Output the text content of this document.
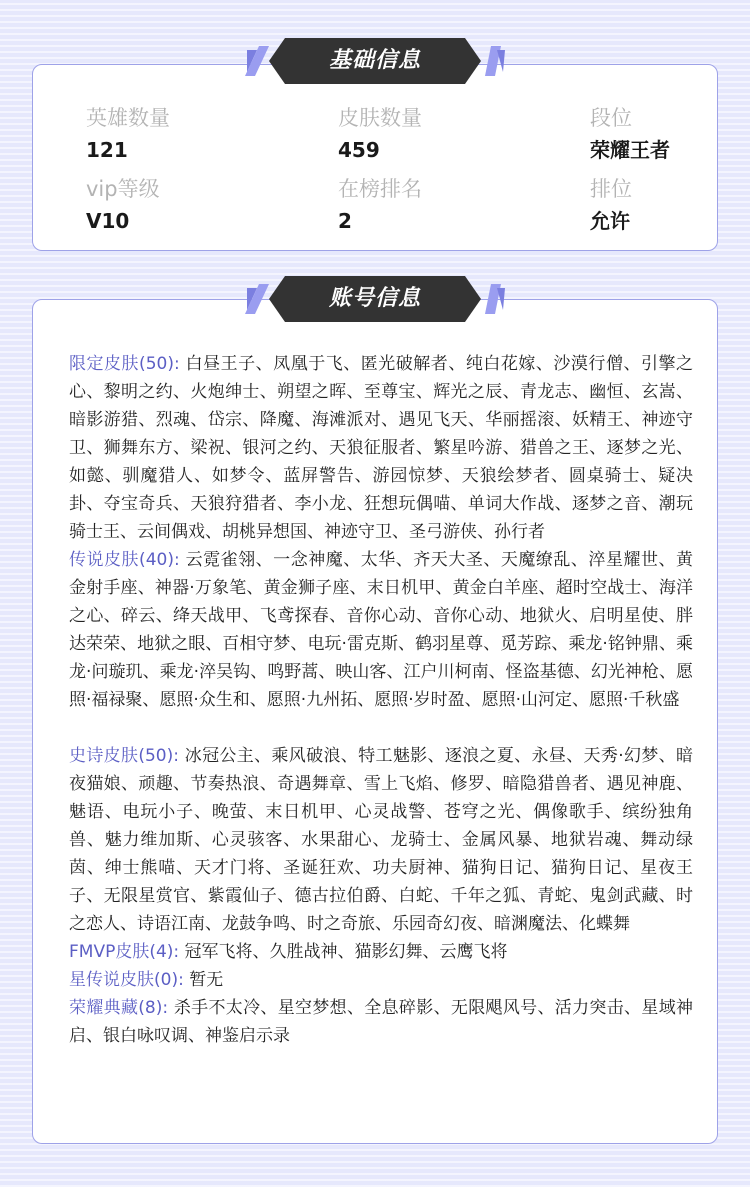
英雄数量
121
皮肤数量
459
段位
荣耀王者
vip等级
V10
在榜排名
2
排位
允许
限定皮肤(50): 白昼王子、凤凰于飞、匿光破解者、纯白花嫁、沙漠行僧、引擎之心、黎明之约、火炮绅士、朔望之晖、至尊宝、辉光之辰、青龙志、幽恒、玄嵩、暗影游猎、烈魂、岱宗、降魔、海滩派对、遇见飞天、华丽摇滚、妖精王、神迹守卫、狮舞东方、梁祝、银河之约、天狼征服者、繁星吟游、猎兽之王、逐梦之光、如懿、驯魔猎人、如梦令、蓝屏警告、游园惊梦、天狼绘梦者、圆桌骑士、疑决卦、夺宝奇兵、天狼狩猎者、李小龙、狂想玩偶喵、单词大作战、逐梦之音、潮玩骑士王、云间偶戏、胡桃异想国、神迹守卫、圣弓游侠、孙行者
传说皮肤(40): 云霓雀翎、一念神魔、太华、齐天大圣、天魔缭乱、淬星耀世、黄金射手座、神器·万象笔、黄金狮子座、末日机甲、黄金白羊座、超时空战士、海洋之心、碎云、绛天战甲、飞鸢探春、音你心动、音你心动、地狱火、启明星使、胖达荣荣、地狱之眼、百相守梦、电玩·雷克斯、鹤羽星尊、觅芳踪、乘龙·铭钟鼎、乘龙·问璇玑、乘龙·淬吴钩、鸣野蒿、映山客、江户川柯南、怪盗基德、幻光神枪、愿照·福禄聚、愿照·众生和、愿照·九州拓、愿照·岁时盈、愿照·山河定、愿照·千秋盛
史诗皮肤(50): 冰冠公主、乘风破浪、特工魅影、逐浪之夏、永昼、天秀·幻梦、暗夜猫娘、顽趣、节奏热浪、奇遇舞章、雪上飞焰、修罗、暗隐猎兽者、遇见神鹿、魅语、电玩小子、晚萤、末日机甲、心灵战警、苍穹之光、偶像歌手、缤纷独角兽、魅力维加斯、心灵骇客、水果甜心、龙骑士、金属风暴、地狱岩魂、舞动绿茵、绅士熊喵、天才门将、圣诞狂欢、功夫厨神、猫狗日记、猫狗日记、星夜王子、无限星赏官、紫霞仙子、德古拉伯爵、白蛇、千年之狐、青蛇、鬼剑武藏、时之恋人、诗语江南、龙鼓争鸣、时之奇旅、乐园奇幻夜、暗渊魔法、化蝶舞
FMVP皮肤(4): 冠军飞将、久胜战神、猫影幻舞、云鹰飞将
星传说皮肤(0): 暂无
荣耀典藏(8): 杀手不太冷、星空梦想、全息碎影、无限飓风号、活力突击、星域神启、银白咏叹调、神鉴启示录
基础信息
账号信息
